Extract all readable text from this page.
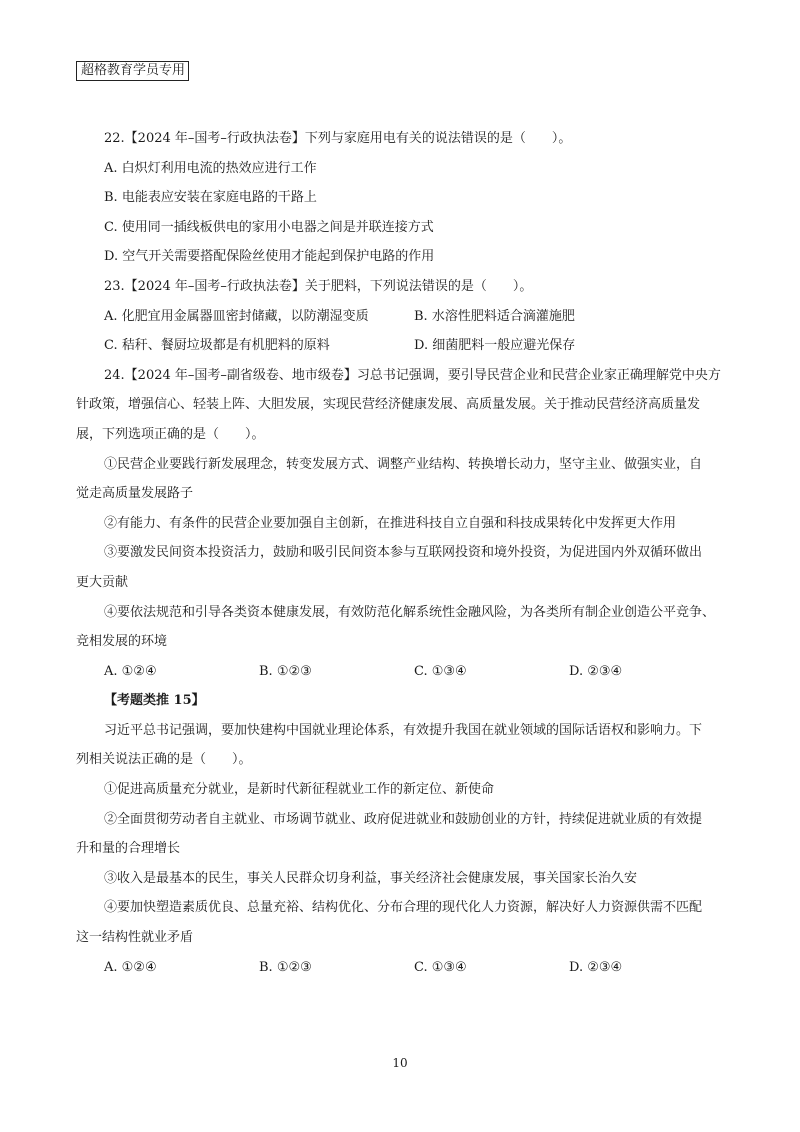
超格教育学员专用
22.【2024 年–国考–行政执法卷】下列与家庭用电有关的说法错误的是（　　）。
A. 白炽灯利用电流的热效应进行工作
B. 电能表应安装在家庭电路的干路上
C. 使用同一插线板供电的家用小电器之间是并联连接方式
D. 空气开关需要搭配保险丝使用才能起到保护电路的作用
23.【2024 年–国考–行政执法卷】关于肥料，下列说法错误的是（　　）。
A. 化肥宜用金属器皿密封储藏，以防潮湿变质	B. 水溶性肥料适合滴灌施肥
C. 秸秆、餐厨垃圾都是有机肥料的原料	D. 细菌肥料一般应避光保存
24.【2024 年–国考–副省级卷、地市级卷】习总书记强调，要引导民营企业和民营企业家正确理解党中央方
针政策，增强信心、轻装上阵、大胆发展，实现民营经济健康发展、高质量发展。关于推动民营经济高质量发
展，下列选项正确的是（　　）。
①民营企业要践行新发展理念，转变发展方式、调整产业结构、转换增长动力，坚守主业、做强实业，自
觉走高质量发展路子
②有能力、有条件的民营企业要加强自主创新，在推进科技自立自强和科技成果转化中发挥更大作用
③要激发民间资本投资活力，鼓励和吸引民间资本参与互联网投资和境外投资，为促进国内外双循环做出
更大贡献
④要依法规范和引导各类资本健康发展，有效防范化解系统性金融风险，为各类所有制企业创造公平竞争、
竞相发展的环境
A. ①②④	B. ①②③	C. ①③④	D. ②③④
【考题类推 15】
习近平总书记强调，要加快建构中国就业理论体系，有效提升我国在就业领域的国际话语权和影响力。下
列相关说法正确的是（　　）。
①促进高质量充分就业，是新时代新征程就业工作的新定位、新使命
②全面贯彻劳动者自主就业、市场调节就业、政府促进就业和鼓励创业的方针，持续促进就业质的有效提
升和量的合理增长
③收入是最基本的民生，事关人民群众切身利益，事关经济社会健康发展，事关国家长治久安
④要加快塑造素质优良、总量充裕、结构优化、分布合理的现代化人力资源，解决好人力资源供需不匹配
这一结构性就业矛盾
A. ①②④	B. ①②③	C. ①③④	D. ②③④
10
